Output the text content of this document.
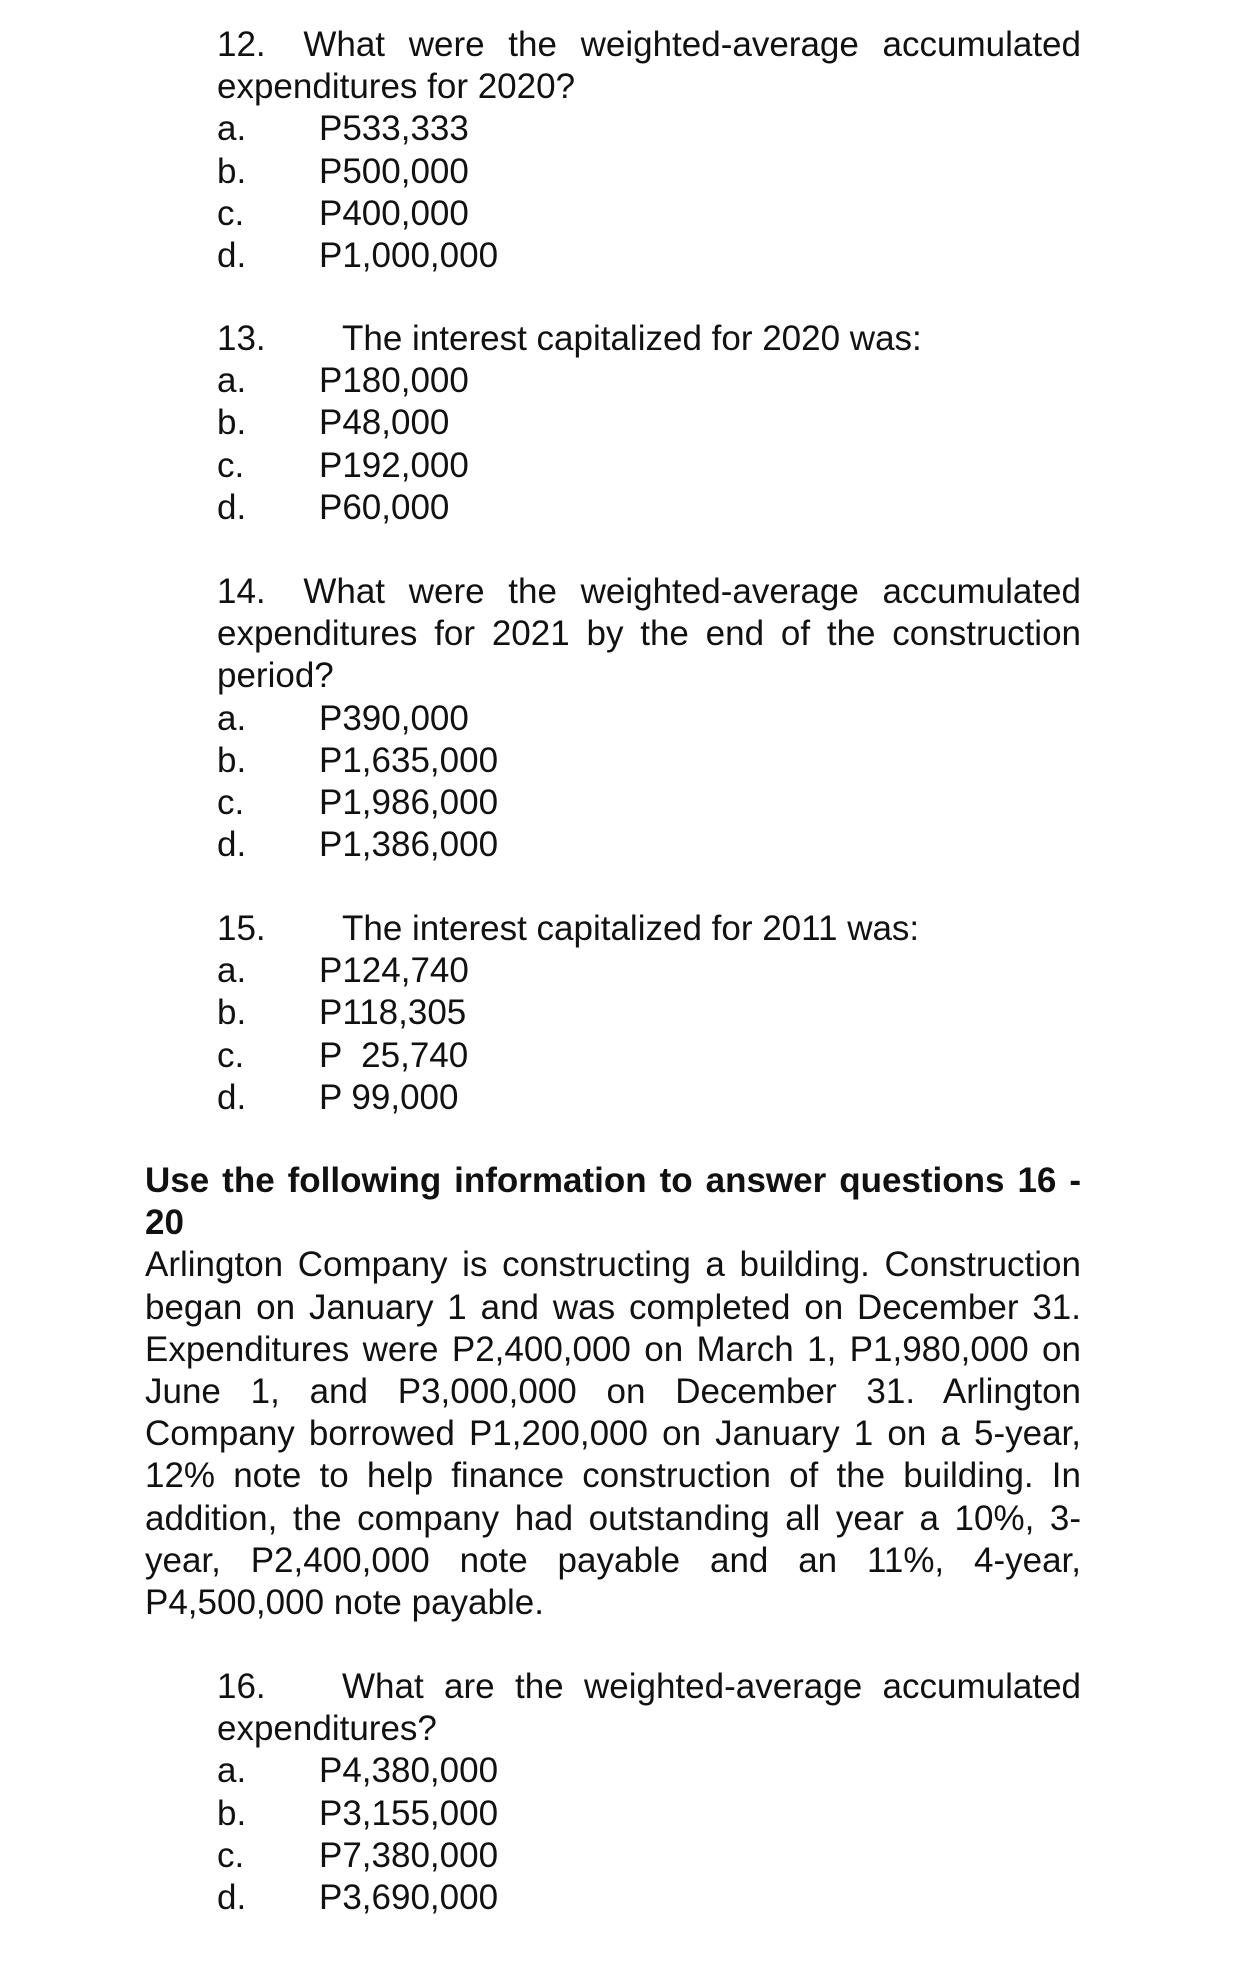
12. What were the weighted-average accumulated expenditures for 2020?

a.	P533,333
b.	P500,000
c.	P400,000
d.	P1,000,000

13. The interest capitalized for 2020 was:

a.	P180,000
b.	P48,000
c.	P192,000
d.	P60,000

14. What were the weighted-average accumulated expenditures for 2021 by the end of the construction period?

a.	P390,000
b.	P1,635,000
c.	P1,986,000
d.	P1,386,000

15. The interest capitalized for 2011 was:

a.	P124,740
b.	P118,305
c.	P  25,740
d.	P 99,000

Use the following information to answer questions 16 - 20

Arlington Company is constructing a building. Construction began on January 1 and was completed on December 31. Expenditures were P2,400,000 on March 1, P1,980,000 on June 1, and P3,000,000 on December 31. Arlington Company borrowed P1,200,000 on January 1 on a 5-year, 12% note to help finance construction of the building. In addition, the company had outstanding all year a 10%, 3-year, P2,400,000 note payable and an 11%, 4-year, P4,500,000 note payable.

16. What are the weighted-average accumulated expenditures?

a.	P4,380,000
b.	P3,155,000
c.	P7,380,000
d.	P3,690,000
